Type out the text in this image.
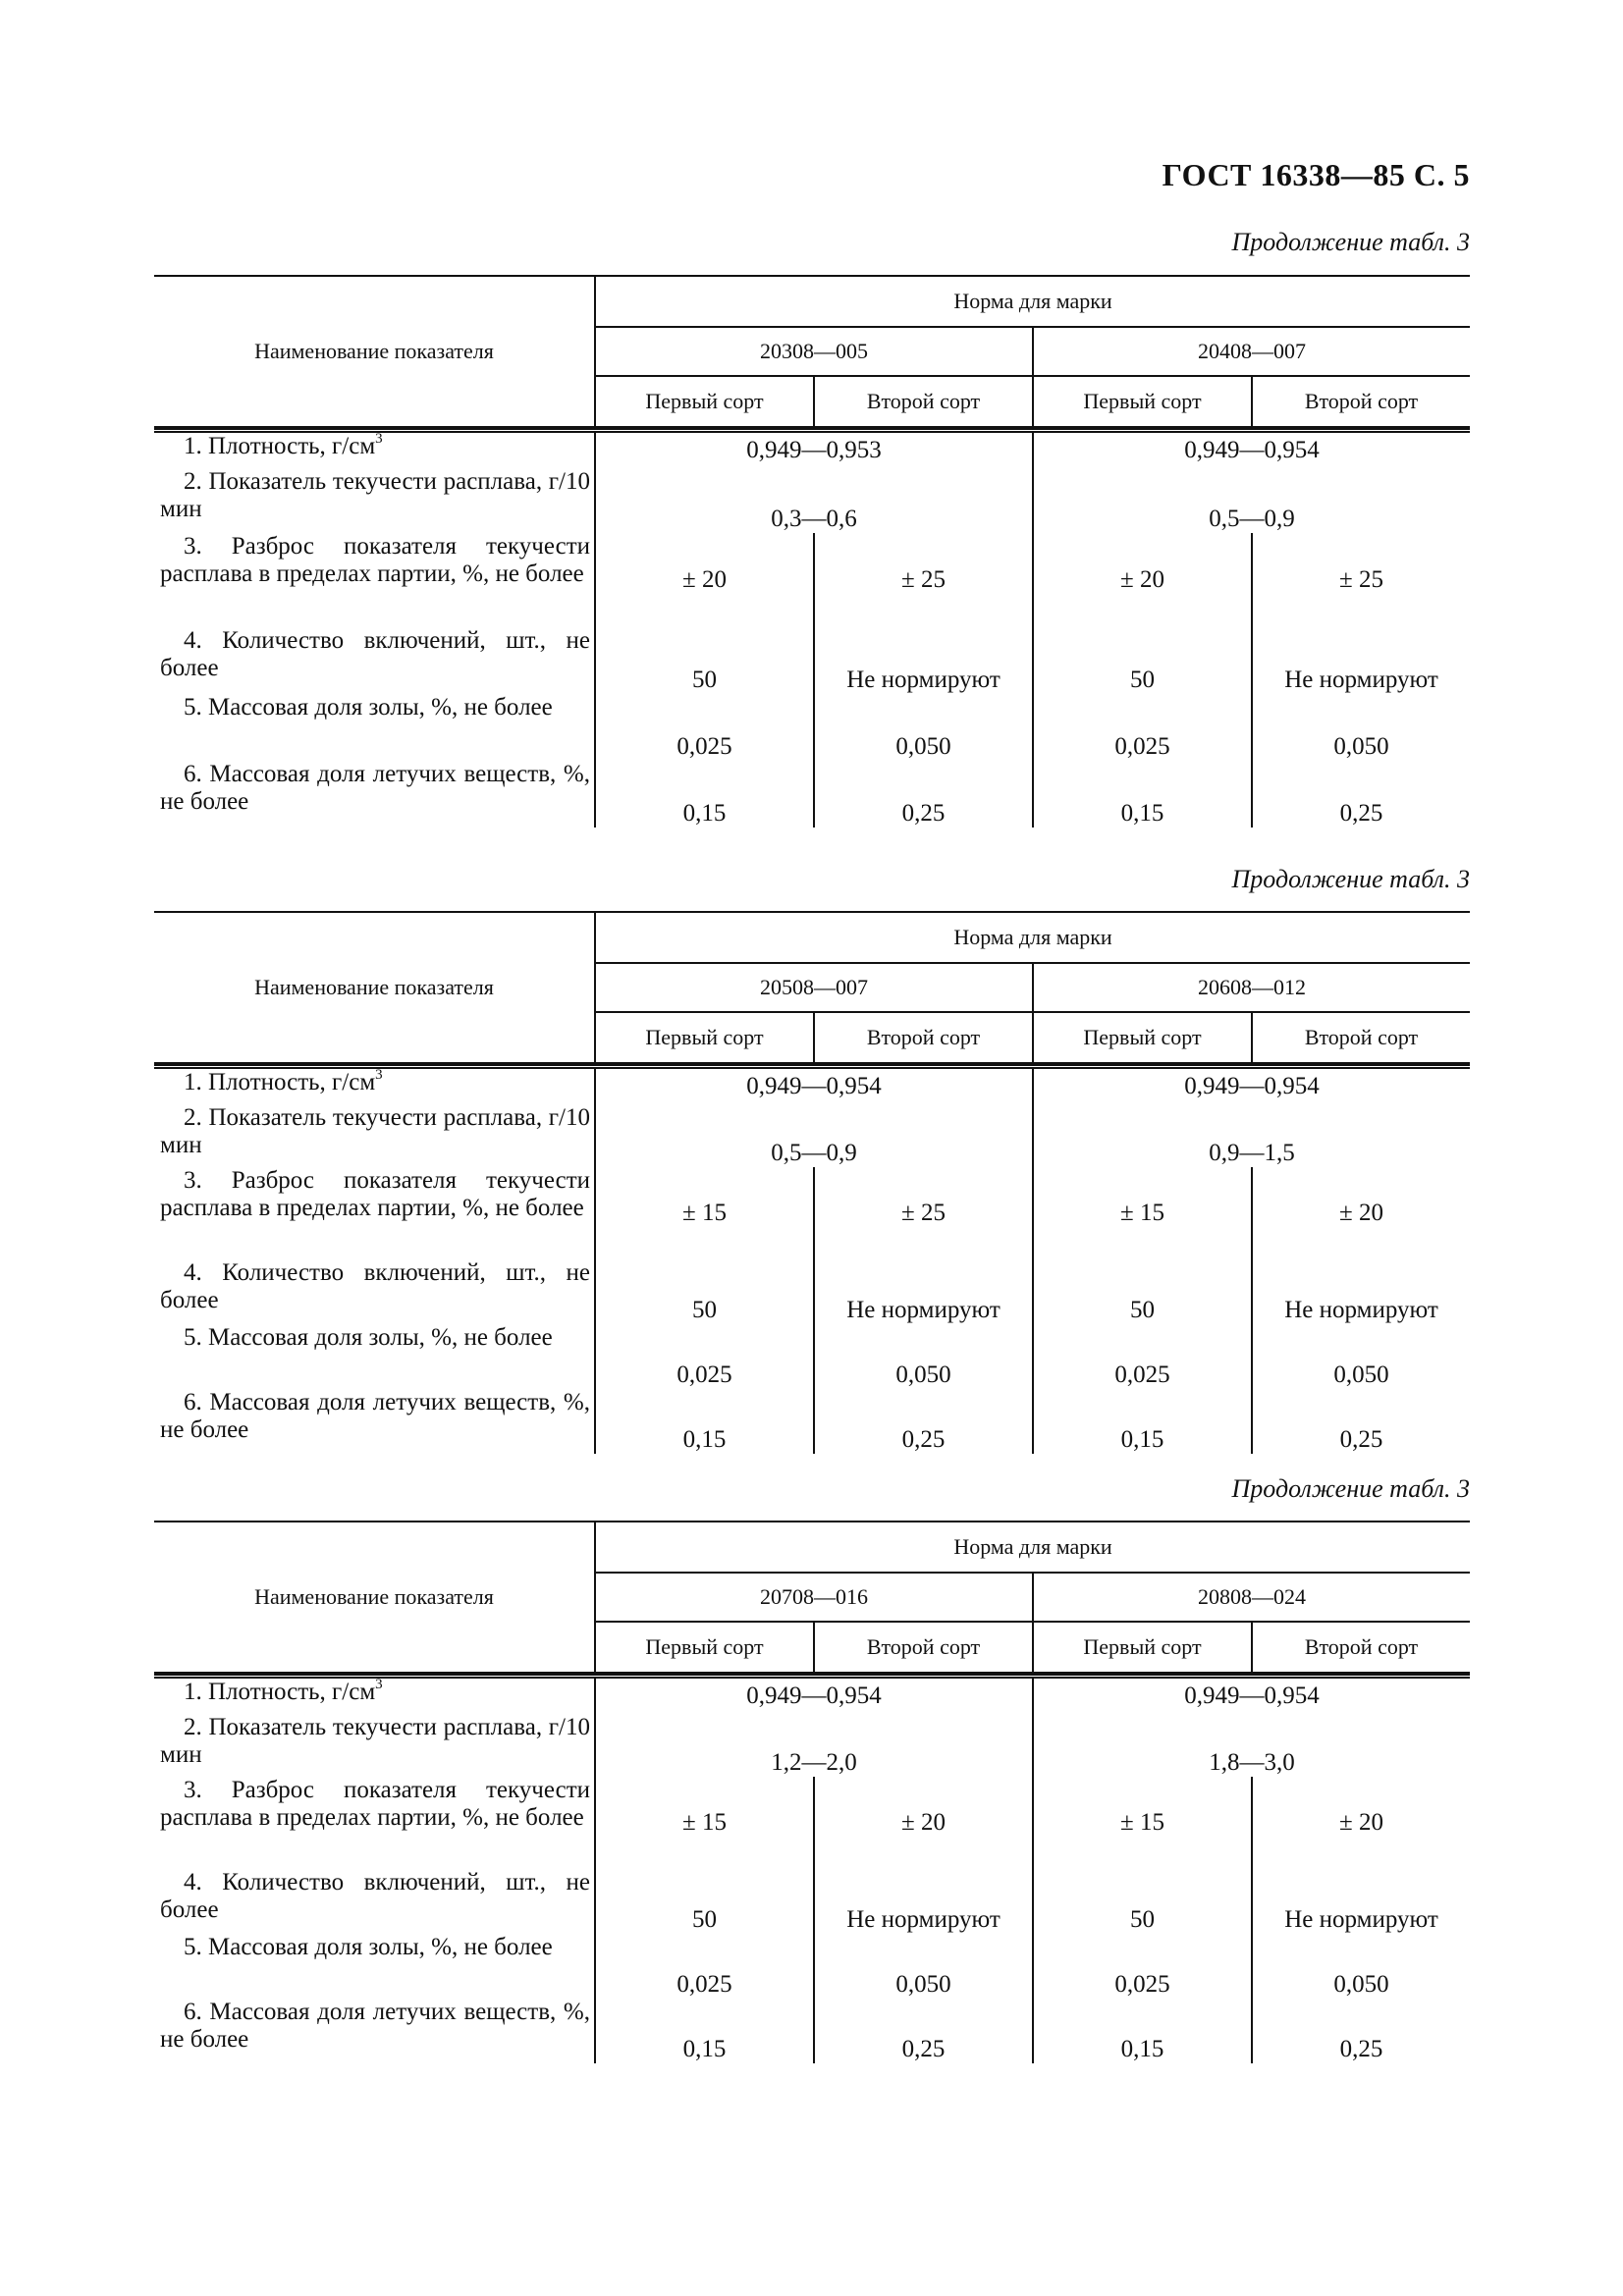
ГОСТ 16338—85 С. 5
Продолжение табл. 3
Наименование показателя	Норма для марки			
	20308—005		20408—007	
	Первый сорт	Второй сорт	Первый сорт	Второй сорт
1. Плотность, $г/см^3$	0,949—0,953		0,949—0,954	

2. Показатель текучести расплава, г/10 мин	0,3—0,6		0,5—0,9	

3. Разброс показателя текучести расплава в пределах партии, %, не более	± 20	± 25	± 20	± 25

4. Количество включений, шт., не более	50	Не нормируют	50	Не нормируют

5. Массовая доля золы, %, не более	0,025	0,050	0,025	0,050

6. Массовая доля летучих веществ, %, не более	0,15	0,25	0,15	0,25
Продолжение табл. 3
Наименование показателя	Норма для марки			
	20508—007		20608—012	
	Первый сорт	Второй сорт	Первый сорт	Второй сорт
1. Плотность, $г/см^3$	0,949—0,954		0,949—0,954	

2. Показатель текучести расплава, г/10 мин	0,5—0,9		0,9—1,5	

3. Разброс показателя текучести расплава в пределах партии, %, не более	± 15	± 25	± 15	± 20

4. Количество включений, шт., не более	50	Не нормируют	50	Не нормируют

5. Массовая доля золы, %, не более	0,025	0,050	0,025	0,050

6. Массовая доля летучих веществ, %, не более	0,15	0,25	0,15	0,25
Продолжение табл. 3
Наименование показателя	Норма для марки			
	20708—016		20808—024	
	Первый сорт	Второй сорт	Первый сорт	Второй сорт
1. Плотность, $г/см^3$	0,949—0,954		0,949—0,954	

2. Показатель текучести расплава, г/10 мин	1,2—2,0		1,8—3,0	

3. Разброс показателя текучести расплава в пределах партии, %, не более	± 15	± 20	± 15	± 20

4. Количество включений, шт., не более	50	Не нормируют	50	Не нормируют

5. Массовая доля золы, %, не более	0,025	0,050	0,025	0,050

6. Массовая доля летучих веществ, %, не более	0,15	0,25	0,15	0,25
